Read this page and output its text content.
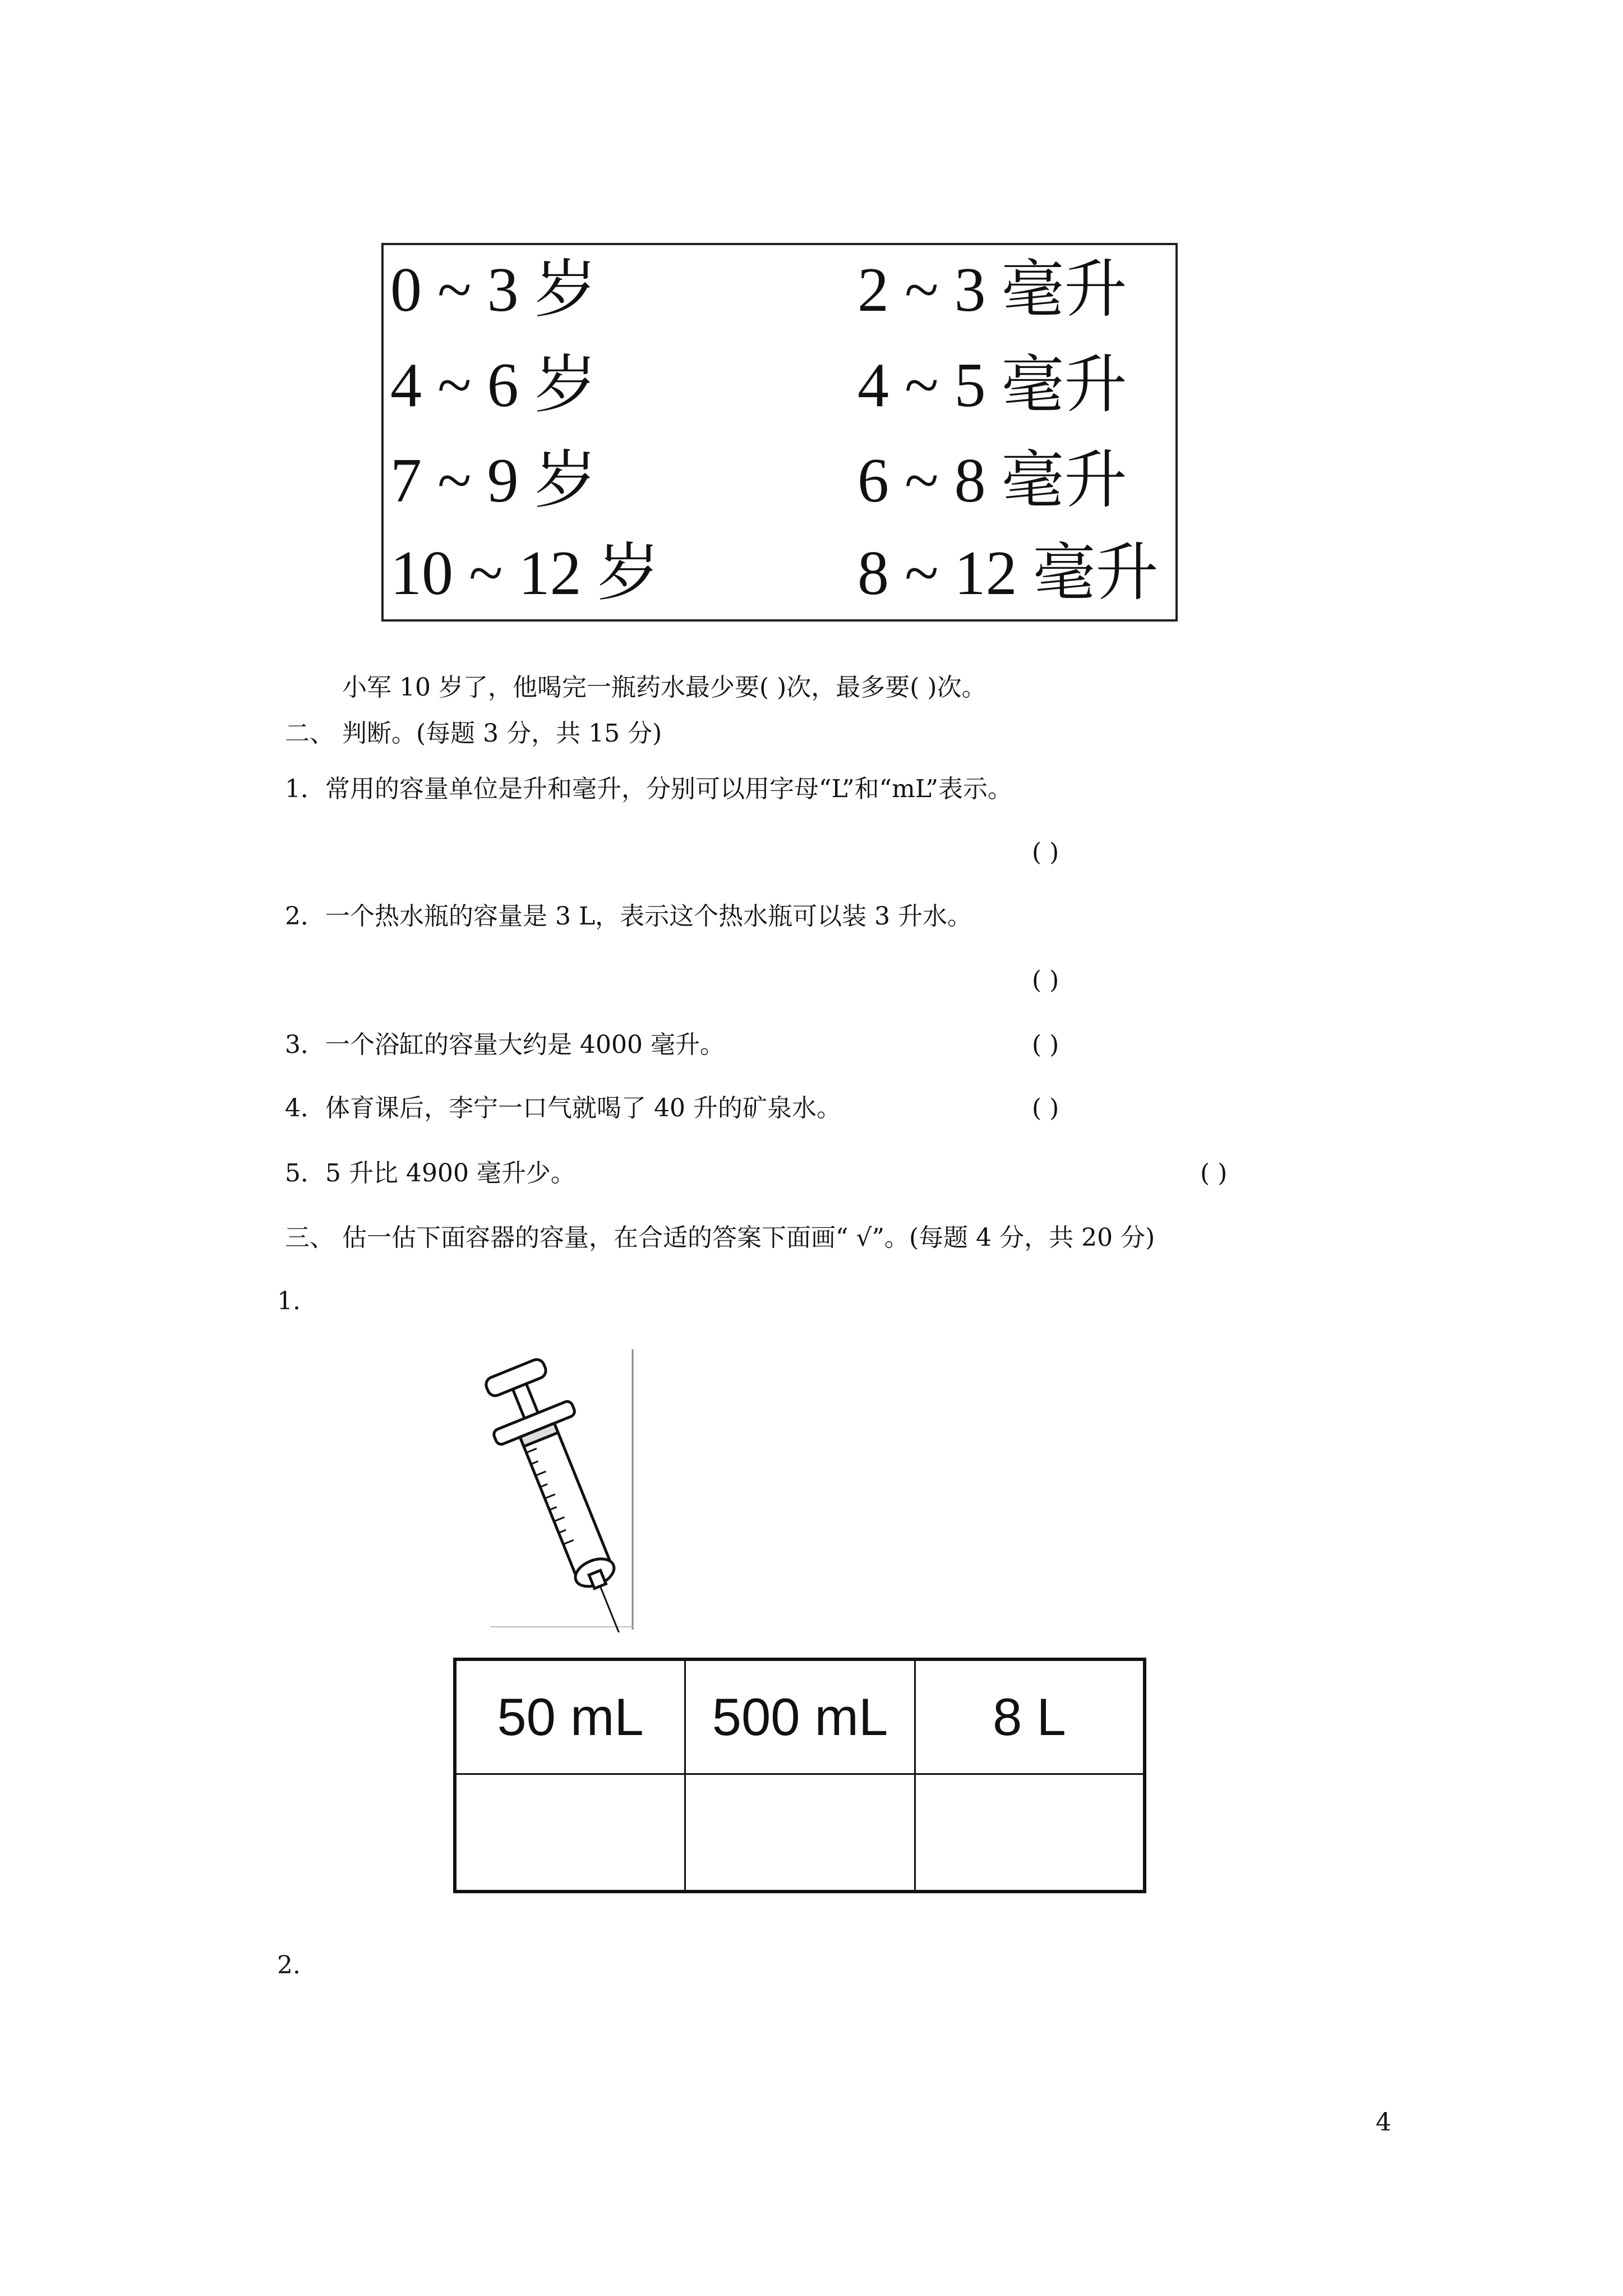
0 ~ 3 岁	2 ~ 3 毫升
4 ~ 6 岁	4 ~ 5 毫升
7 ~ 9 岁	6 ~ 8 毫升
10 ~ 12 岁	8 ~ 12 毫升
小军 10 岁了，他喝完一瓶药水最少要( )次，最多要( )次。
二、 判断。(每题 3 分，共 15 分)
1．常用的容量单位是升和毫升，分别可以用字母“L”和“mL”表示。
( )
2．一个热水瓶的容量是 3 L，表示这个热水瓶可以装 3 升水。
( )
3．一个浴缸的容量大约是 4000 毫升。	( )
4．体育课后，李宁一口气就喝了 40 升的矿泉水。	( )
5．5 升比 4900 毫升少。	( )
三、 估一估下面容器的容量，在合适的答案下面画“ √”。(每题 4 分，共 20 分)
1.
50 mL	500 mL	8 L
2.
4
